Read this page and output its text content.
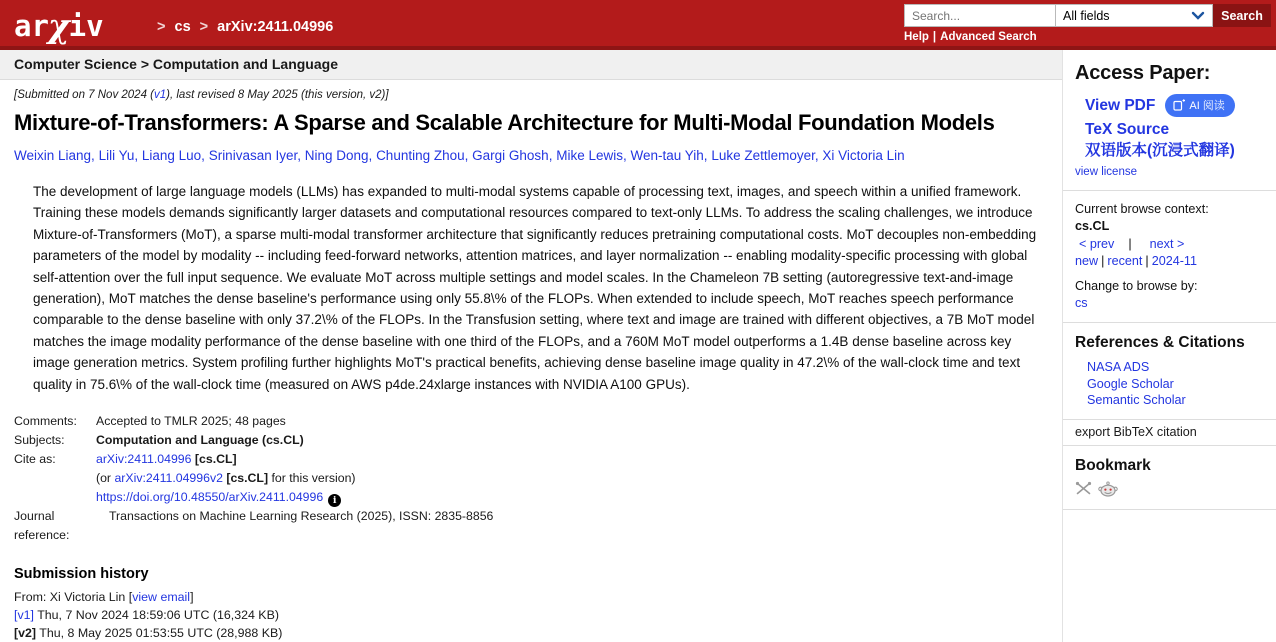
arχiv	> cs > arXiv:2411.04996
Search...
All fields	Search
Help | Advanced Search
Computer Science > Computation and Language
[Submitted on 7 Nov 2024 (v1), last revised 8 May 2025 (this version, v2)]
Mixture-of-Transformers: A Sparse and Scalable Architecture for Multi-Modal Foundation Models
Weixin Liang , Lili Yu , Liang Luo , Srinivasan Iyer , Ning Dong , Chunting Zhou , Gargi Ghosh , Mike Lewis , Wen-tau Yih , Luke Zettlemoyer , Xi Victoria Lin

The development of large language models (LLMs) has expanded to multi-modal systems capable of processing text, images, and speech within a unified framework. Training these models demands significantly larger datasets and computational resources compared to text-only LLMs. To address the scaling challenges, we introduce Mixture-of-Transformers (MoT), a sparse multi-modal transformer architecture that significantly reduces pretraining computational costs. MoT decouples non-embedding parameters of the model by modality -- including feed-forward networks, attention matrices, and layer normalization -- enabling modality-specific processing with global self-attention over the full input sequence. We evaluate MoT across multiple settings and model scales. In the Chameleon 7B setting (autoregressive text-and-image generation), MoT matches the dense baseline's performance using only 55.8\% of the FLOPs. When extended to include speech, MoT reaches speech performance comparable to the dense baseline with only 37.2\% of the FLOPs. In the Transfusion setting, where text and image are trained with different objectives, a 7B MoT model matches the image modality performance of the dense baseline with one third of the FLOPs, and a 760M MoT model outperforms a 1.4B dense baseline across key image generation metrics. System profiling further highlights MoT's practical benefits, achieving dense baseline image quality in 47.2\% of the wall-clock time and text quality in 75.6\% of the wall-clock time (measured on AWS p4de.24xlarge instances with NVIDIA A100 GPUs).

Comments:	Accepted to TMLR 2025; 48 pages
Subjects:	Computation and Language (cs.CL)
Cite as:	arXiv:2411.04996 [cs.CL]
(or arXiv:2411.04996v2 [cs.CL] for this version)
https://doi.org/10.48550/arXiv.2411.04996 i
Journal reference:
Transactions on Machine Learning Research (2025), ISSN: 2835-8856
Submission history
From: Xi Victoria Lin [view email]
[v1] Thu, 7 Nov 2024 18:59:06 UTC (16,324 KB)
[v2] Thu, 8 May 2025 01:53:55 UTC (28,988 KB)
Access Paper:
View PDF	AI 阅读
TeX Source
双语版本(沉浸式翻译)
view license
Current browse context:
cs.CL
< prev | next >
new | recent | 2024-11
Change to browse by:
cs
References & Citations
NASA ADS
Google Scholar
Semantic Scholar
export BibTeX citation
Bookmark
